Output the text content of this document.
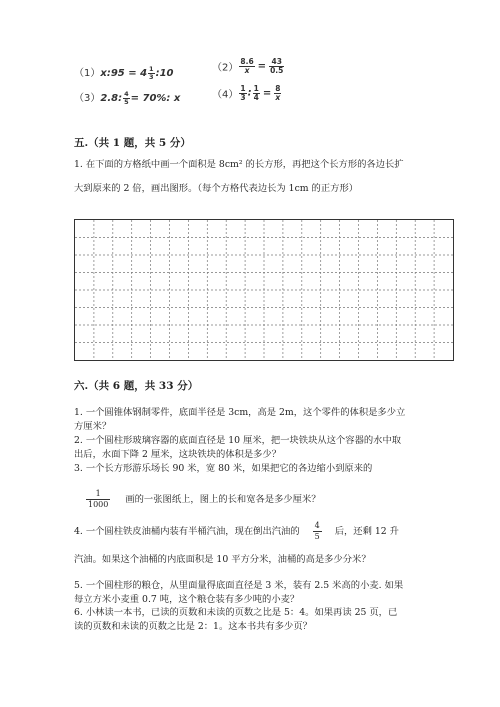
（1）x:95 = $4 \frac{1}{3}$ :10	$(2) \frac{8.6}{x} = \frac{43}{0.5}$
（3）2.8: $\frac{4}{5} = 70\%$: x	$(4) \frac{1}{3}$ : $\frac{1}{4} = \frac{8}{x}$
五.（共 1 题，共 5 分）
1. 在下面的方格纸中画一个面积是 8cm² 的长方形，再把这个长方形的各边长扩
大到原来的 2 倍，画出图形。（每个方格代表边长为 1cm 的正方形）
六.（共 6 题，共 33 分）
1. 一个圆锥体钢制零件，底面半径是 3cm，高是 2m，这个零件的体积是多少立
方厘米？
2. 一个圆柱形玻璃容器的底面直径是 10 厘米，把一块铁块从这个容器的水中取
出后，水面下降 2 厘米，这块铁块的体积是多少？
3. 一个长方形游乐场长 90 米，宽 80 米，如果把它的各边缩小到原来的
$\frac{1}{1000}$ 画的一张图纸上，图上的长和宽各是多少厘米？
4. 一个圆柱铁皮油桶内装有半桶汽油，现在倒出汽油的 $\frac{4}{5}$ 后，还剩 12 升
汽油。如果这个油桶的内底面积是 10 平方分米，油桶的高是多少分米？
5. 一个圆柱形的粮仓，从里面量得底面直径是 3 米，装有 2.5 米高的小麦. 如果
每立方米小麦重 0.7 吨，这个粮仓装有多少吨的小麦？
6. 小林读一本书，已读的页数和未读的页数之比是 5：4。如果再读 25 页，已
读的页数和未读的页数之比是 2：1。这本书共有多少页？
